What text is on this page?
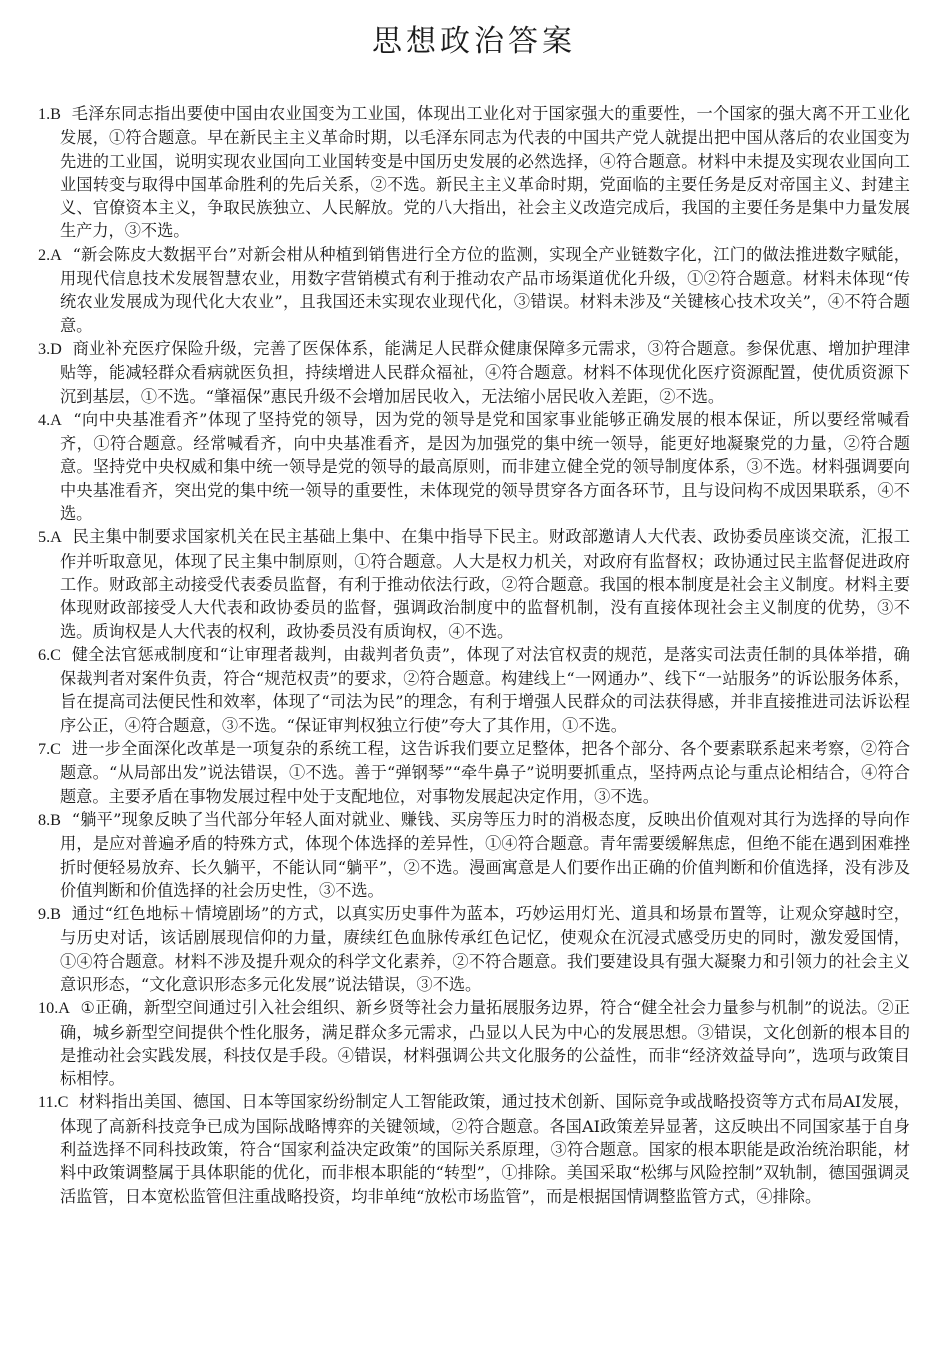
思想政治答案

1.B 毛泽东同志指出要使中国由农业国变为工业国，体现出工业化对于国家强大的重要性，一个国家的强大离不开工业化发展，①符合题意。早在新民主主义革命时期，以毛泽东同志为代表的中国共产党人就提出把中国从落后的农业国变为先进的工业国，说明实现农业国向工业国转变是中国历史发展的必然选择，④符合题意。材料中未提及实现农业国向工业国转变与取得中国革命胜利的先后关系，②不选。新民主主义革命时期，党面临的主要任务是反对帝国主义、封建主义、官僚资本主义，争取民族独立、人民解放。党的八大指出，社会主义改造完成后，我国的主要任务是集中力量发展生产力，③不选。

2.A “新会陈皮大数据平台”对新会柑从种植到销售进行全方位的监测，实现全产业链数字化，江门的做法推进数字赋能，用现代信息技术发展智慧农业，用数字营销模式有利于推动农产品市场渠道优化升级，①②符合题意。材料未体现“传统农业发展成为现代化大农业”，且我国还未实现农业现代化，③错误。材料未涉及“关键核心技术攻关”，④不符合题意。

3.D 商业补充医疗保险升级，完善了医保体系，能满足人民群众健康保障多元需求，③符合题意。参保优惠、增加护理津贴等，能减轻群众看病就医负担，持续增进人民群众福祉，④符合题意。材料不体现优化医疗资源配置，使优质资源下沉到基层，①不选。“肇福保”惠民升级不会增加居民收入，无法缩小居民收入差距，②不选。

4.A “向中央基准看齐”体现了坚持党的领导，因为党的领导是党和国家事业能够正确发展的根本保证，所以要经常喊看齐，①符合题意。经常喊看齐，向中央基准看齐，是因为加强党的集中统一领导，能更好地凝聚党的力量，②符合题意。坚持党中央权威和集中统一领导是党的领导的最高原则，而非建立健全党的领导制度体系，③不选。材料强调要向中央基准看齐，突出党的集中统一领导的重要性，未体现党的领导贯穿各方面各环节，且与设问构不成因果联系，④不选。

5.A 民主集中制要求国家机关在民主基础上集中、在集中指导下民主。财政部邀请人大代表、政协委员座谈交流，汇报工作并听取意见，体现了民主集中制原则，①符合题意。人大是权力机关，对政府有监督权；政协通过民主监督促进政府工作。财政部主动接受代表委员监督，有利于推动依法行政，②符合题意。我国的根本制度是社会主义制度。材料主要体现财政部接受人大代表和政协委员的监督，强调政治制度中的监督机制，没有直接体现社会主义制度的优势，③不选。质询权是人大代表的权利，政协委员没有质询权，④不选。

6.C 健全法官惩戒制度和“让审理者裁判，由裁判者负责”，体现了对法官权责的规范，是落实司法责任制的具体举措，确保裁判者对案件负责，符合“规范权责”的要求，②符合题意。构建线上“一网通办”、线下“一站服务”的诉讼服务体系，旨在提高司法便民性和效率，体现了“司法为民”的理念，有利于增强人民群众的司法获得感，并非直接推进司法诉讼程序公正，④符合题意，③不选。“保证审判权独立行使”夸大了其作用，①不选。

7.C 进一步全面深化改革是一项复杂的系统工程，这告诉我们要立足整体，把各个部分、各个要素联系起来考察，②符合题意。“从局部出发”说法错误，①不选。善于“弹钢琴”“牵牛鼻子”说明要抓重点，坚持两点论与重点论相结合，④符合题意。主要矛盾在事物发展过程中处于支配地位，对事物发展起决定作用，③不选。

8.B “躺平”现象反映了当代部分年轻人面对就业、赚钱、买房等压力时的消极态度，反映出价值观对其行为选择的导向作用，是应对普遍矛盾的特殊方式，体现个体选择的差异性，①④符合题意。青年需要缓解焦虑，但绝不能在遇到困难挫折时便轻易放弃、长久躺平，不能认同“躺平”，②不选。漫画寓意是人们要作出正确的价值判断和价值选择，没有涉及价值判断和价值选择的社会历史性，③不选。

9.B 通过“红色地标＋情境剧场”的方式，以真实历史事件为蓝本，巧妙运用灯光、道具和场景布置等，让观众穿越时空，与历史对话，该话剧展现信仰的力量，赓续红色血脉传承红色记忆，使观众在沉浸式感受历史的同时，激发爱国情，①④符合题意。材料不涉及提升观众的科学文化素养，②不符合题意。我们要建设具有强大凝聚力和引领力的社会主义意识形态，“文化意识形态多元化发展”说法错误，③不选。

10.A ①正确，新型空间通过引入社会组织、新乡贤等社会力量拓展服务边界，符合“健全社会力量参与机制”的说法。②正确，城乡新型空间提供个性化服务，满足群众多元需求，凸显以人民为中心的发展思想。③错误，文化创新的根本目的是推动社会实践发展，科技仅是手段。④错误，材料强调公共文化服务的公益性，而非“经济效益导向”，选项与政策目标相悖。

11.C 材料指出美国、德国、日本等国家纷纷制定人工智能政策，通过技术创新、国际竞争或战略投资等方式布局AI发展，体现了高新科技竞争已成为国际战略博弈的关键领域，②符合题意。各国AI政策差异显著，这反映出不同国家基于自身利益选择不同科技政策，符合“国家利益决定政策”的国际关系原理，③符合题意。国家的根本职能是政治统治职能，材料中政策调整属于具体职能的优化，而非根本职能的“转型”，①排除。美国采取“松绑与风险控制”双轨制，德国强调灵活监管，日本宽松监管但注重战略投资，均非单纯“放松市场监管”，而是根据国情调整监管方式，④排除。
